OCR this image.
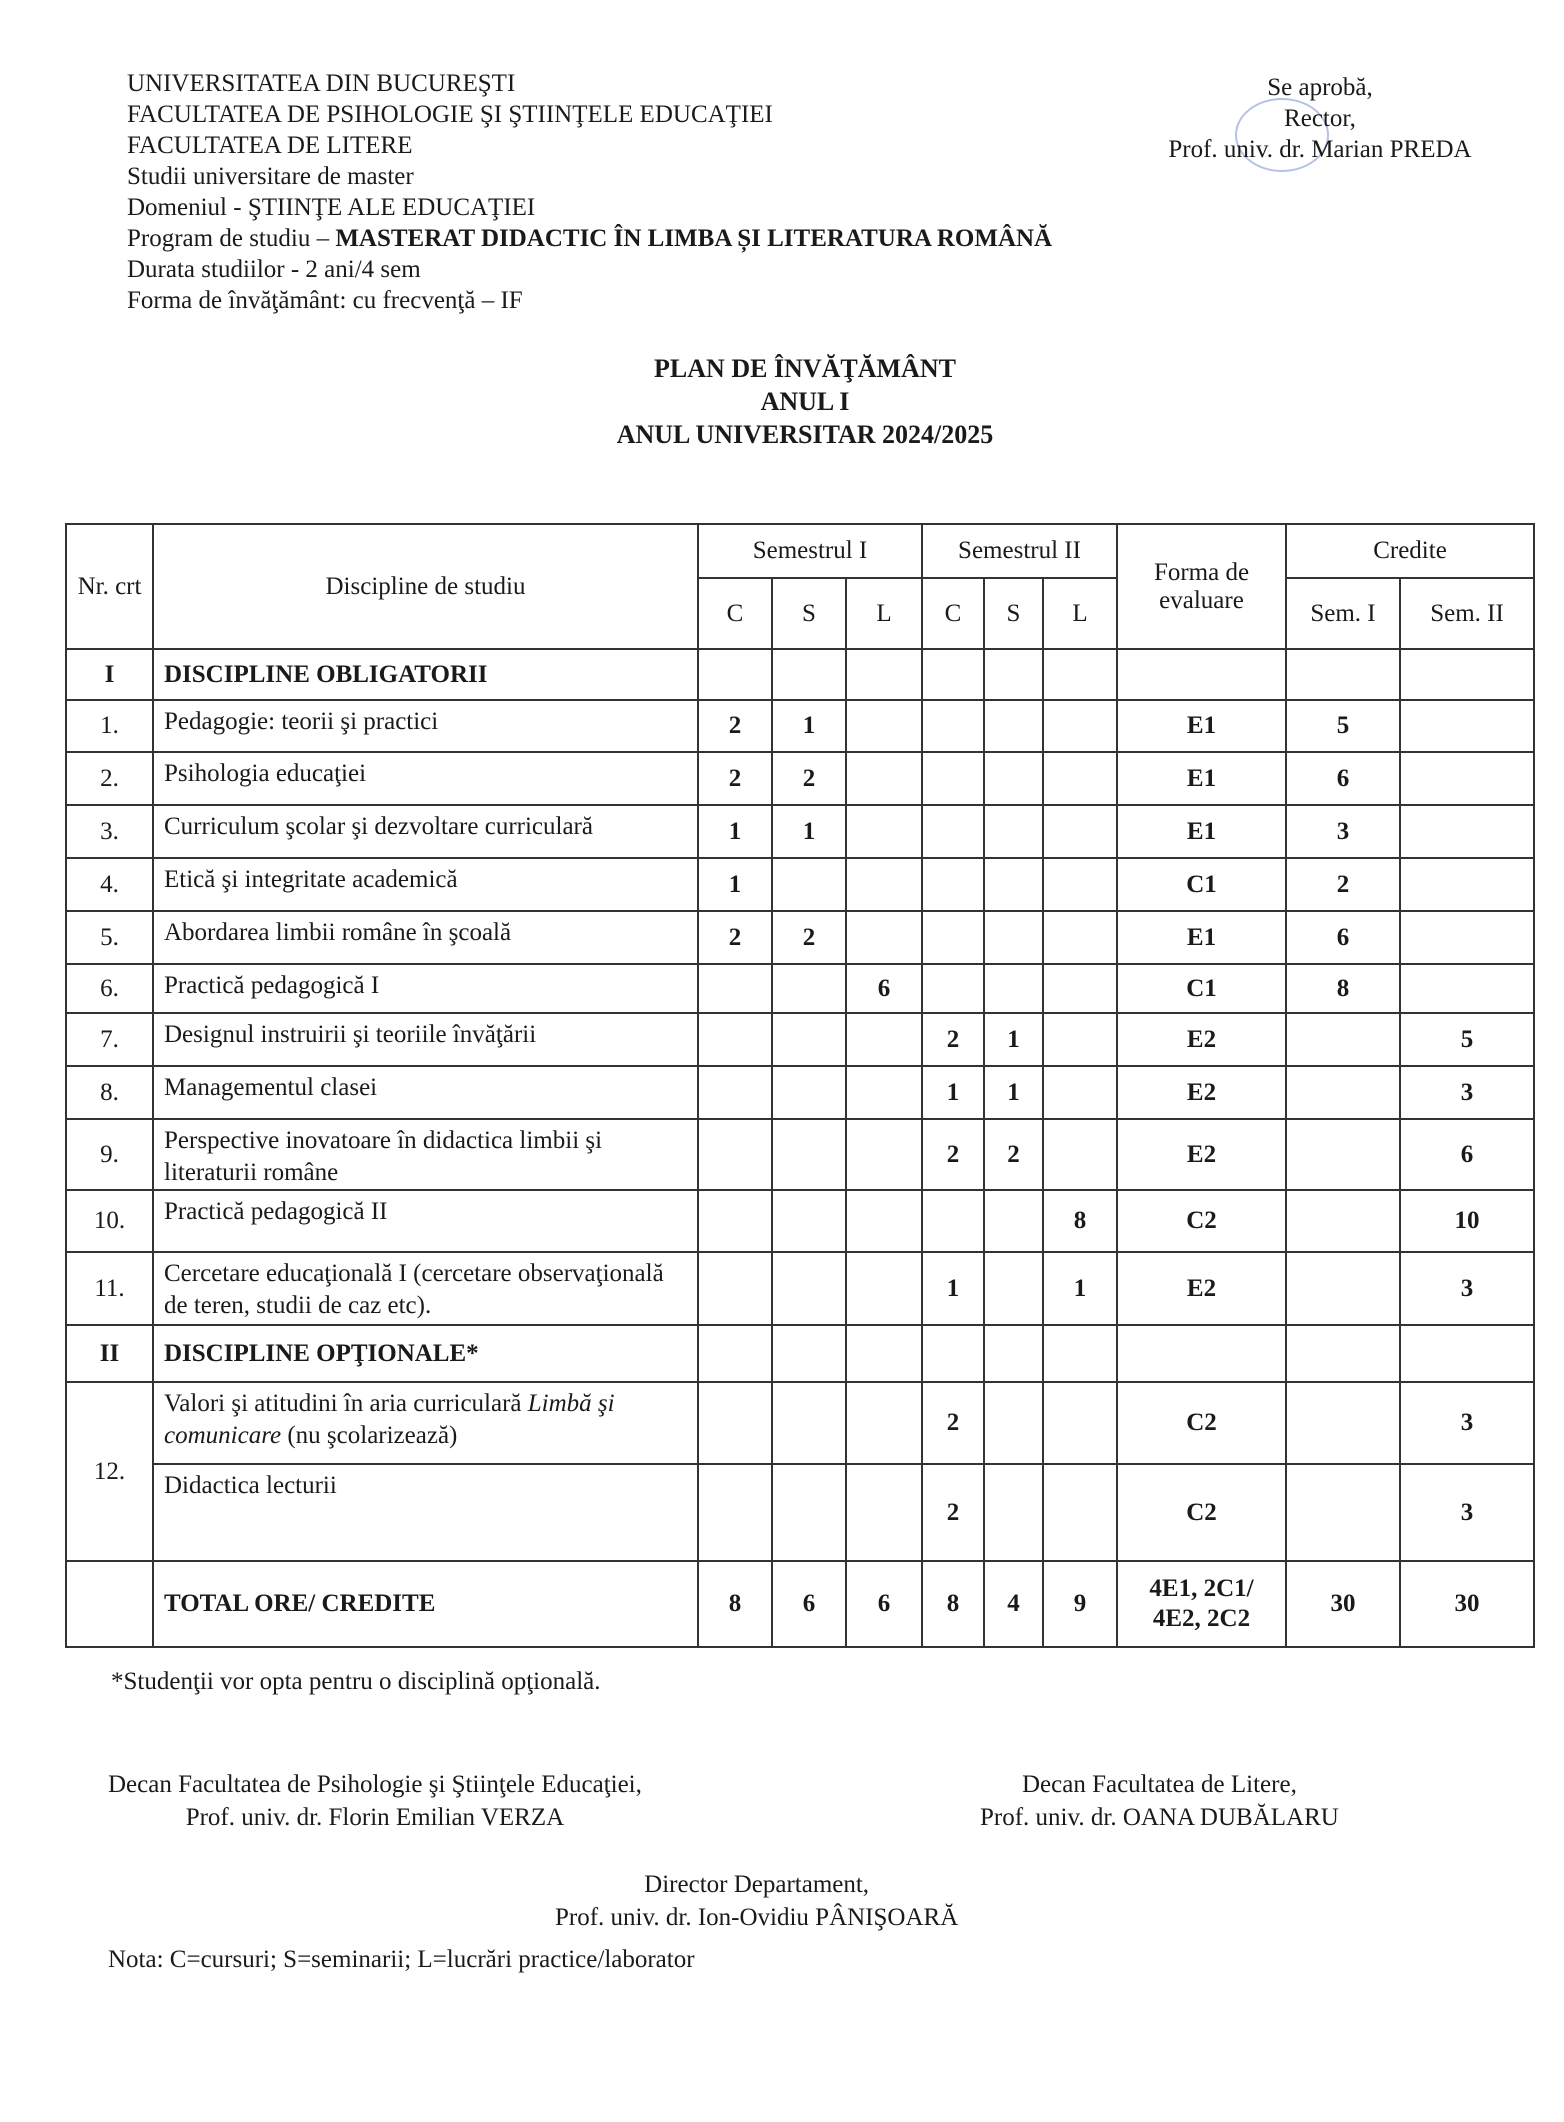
UNIVERSITATEA DIN BUCUREŞTI
FACULTATEA DE PSIHOLOGIE ŞI ŞTIINŢELE EDUCAŢIEI
FACULTATEA DE LITERE
Studii universitare de master
Domeniul - ŞTIINŢE ALE EDUCAŢIEI
Program de studiu – MASTERAT DIDACTIC ÎN LIMBA ȘI LITERATURA ROMÂNĂ
Durata studiilor - 2 ani/4 sem
Forma de învăţământ: cu frecvenţă – IF
Se aprobă,
Rector,
Prof. univ. dr. Marian PREDA
PLAN DE ÎNVĂŢĂMÂNT
ANUL I
ANUL UNIVERSITAR 2024/2025
Nr. crt	Discipline de studiu	Semestrul I			Semestrul II			Forma de evaluare	Credite	
		C	S	L	C	S	L		Sem. I	Sem. II
I	DISCIPLINE OBLIGATORII									
1.	Pedagogie: teorii şi practici	2	1					E1	5	
2.	Psihologia educaţiei	2	2					E1	6	
3.	Curriculum şcolar şi dezvoltare curriculară	1	1					E1	3	
4.	Etică şi integritate academică	1						C1	2	
5.	Abordarea limbii române în şcoală	2	2					E1	6	
6.	Practică pedagogică I			6				C1	8	
7.	Designul instruirii şi teoriile învăţării				2	1		E2		5
8.	Managementul clasei				1	1		E2		3
9.	Perspective inovatoare în didactica limbii şi literaturii române				2	2		E2		6
10.	Practică pedagogică II						8	C2		10
11.	Cercetare educaţională I (cercetare observaţională de teren, studii de caz etc).				1		1	E2		3
II	DISCIPLINE OPŢIONALE*									
12.	Valori şi atitudini în aria curriculară Limbă şi comunicare (nu şcolarizează)				2			C2		3
	Didactica lecturii				2			C2		3
	TOTAL ORE/ CREDITE	8	6	6	8	4	9	4E1, 2C1/
4E2, 2C2	30	30
*Studenţii vor opta pentru o disciplină opţională.
Decan Facultatea de Psihologie şi Ştiinţele Educaţiei,
Prof. univ. dr. Florin Emilian VERZA
Decan Facultatea de Litere,
Prof. univ. dr. OANA DUBĂLARU
Director Departament,
Prof. univ. dr. Ion-Ovidiu PÂNIŞOARĂ
Nota: C=cursuri; S=seminarii; L=lucrări practice/laborator
